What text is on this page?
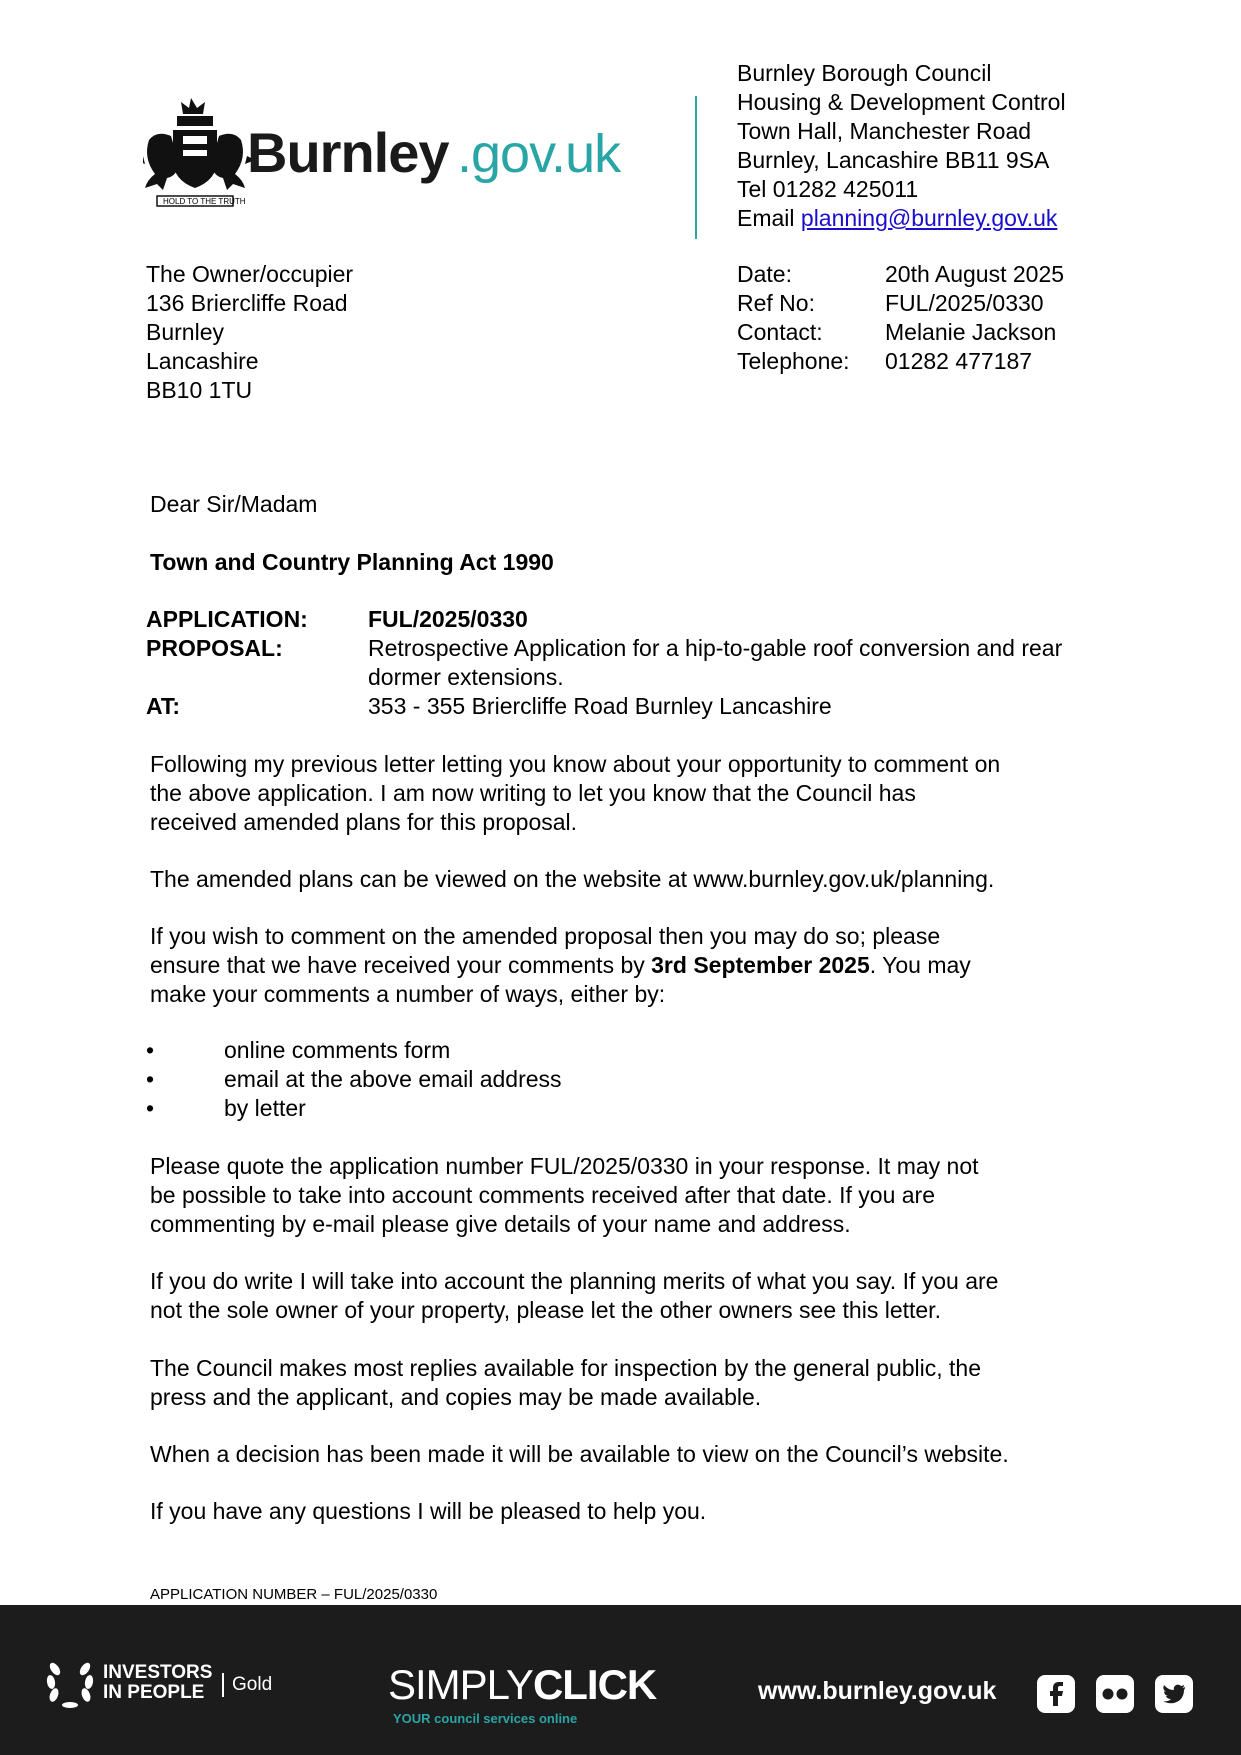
HOLD TO THE TRUTH
Burnley .gov.uk
Burnley Borough Council
Housing & Development Control
Town Hall, Manchester Road
Burnley, Lancashire BB11 9SA
Tel 01282 425011
Email planning@burnley.gov.uk
The Owner/occupier
136 Briercliffe Road
Burnley
Lancashire
BB10 1TU
Date:	20th August 2025
Ref No:	FUL/2025/0330
Contact:	Melanie Jackson
Telephone:	01282 477187
Dear Sir/Madam
Town and Country Planning Act 1990
APPLICATION:	FUL/2025/0330
PROPOSAL:	Retrospective Application for a hip-to-gable roof conversion and rear
dormer extensions.
AT:	353 - 355 Briercliffe Road Burnley Lancashire
Following my previous letter letting you know about your opportunity to comment on
the above application. I am now writing to let you know that the Council has
received amended plans for this proposal.
The amended plans can be viewed on the website at www.burnley.gov.uk/planning.
If you wish to comment on the amended proposal then you may do so; please
ensure that we have received your comments by 3rd September 2025. You may
make your comments a number of ways, either by:
•	online comments form
•	email at the above email address
•	by letter
Please quote the application number FUL/2025/0330 in your response. It may not
be possible to take into account comments received after that date. If you are
commenting by e-mail please give details of your name and address.
If you do write I will take into account the planning merits of what you say. If you are
not the sole owner of your property, please let the other owners see this letter.
The Council makes most replies available for inspection by the general public, the
press and the applicant, and copies may be made available.
When a decision has been made it will be available to view on the Council’s website.
If you have any questions I will be pleased to help you.
APPLICATION NUMBER – FUL/2025/0330
INVESTORS
IN PEOPLE	Gold	SIMPLYCLICK
YOUR council services online
www.burnley.gov.uk
